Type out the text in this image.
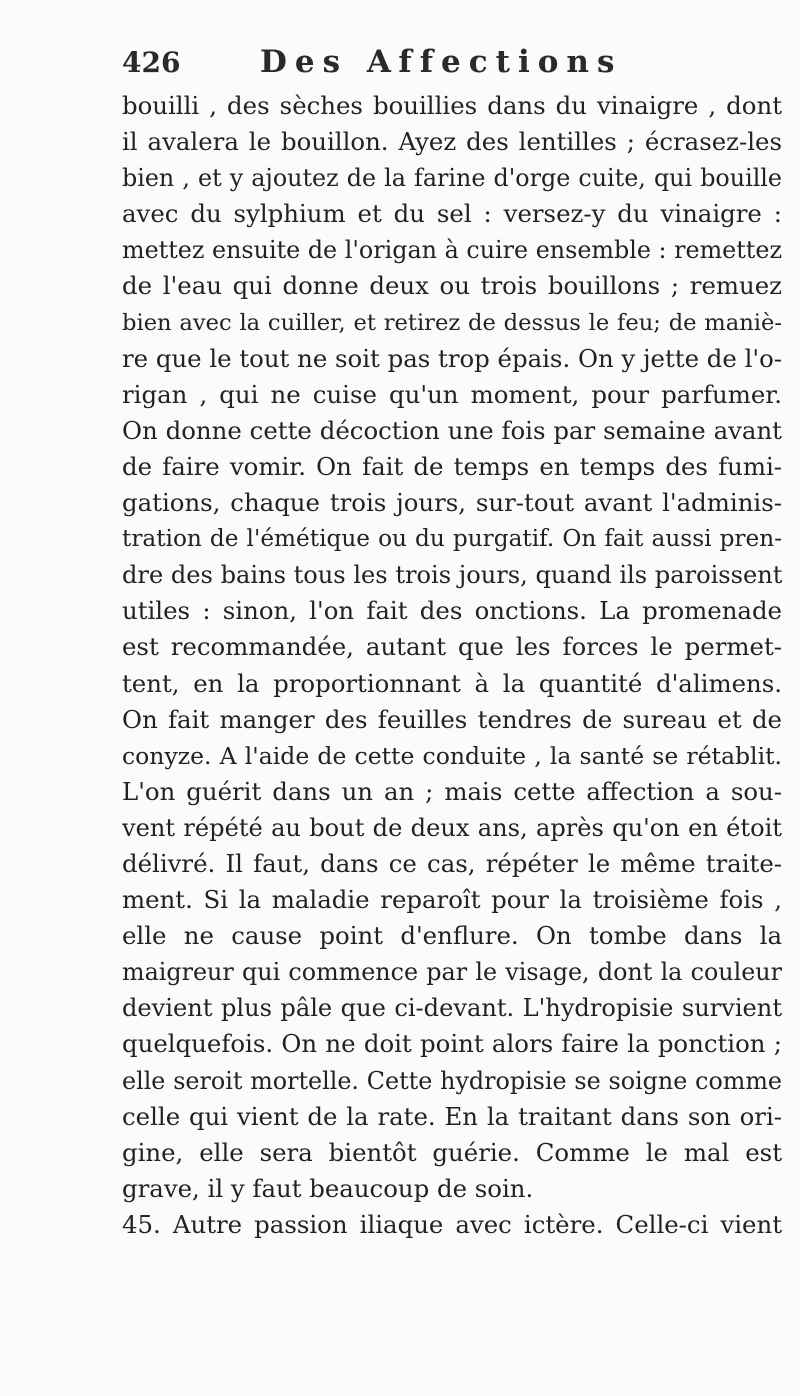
426	Des Affections
bouilli , des sèches bouillies dans du vinaigre , dont
il avalera le bouillon. Ayez des lentilles ; écrasez-les
bien , et y ajoutez de la farine d'orge cuite, qui bouille
avec du sylphium et du sel : versez-y du vinaigre :
mettez ensuite de l'origan à cuire ensemble : remettez
de l'eau qui donne deux ou trois bouillons ; remuez
bien avec la cuiller, et retirez de dessus le feu; de maniè-
re que le tout ne soit pas trop épais. On y jette de l'o-
rigan , qui ne cuise qu'un moment, pour parfumer.
On donne cette décoction une fois par semaine avant
de faire vomir. On fait de temps en temps des fumi-
gations, chaque trois jours, sur-tout avant l'adminis-
tration de l'émétique ou du purgatif. On fait aussi pren-
dre des bains tous les trois jours, quand ils paroissent
utiles : sinon, l'on fait des onctions. La promenade
est recommandée, autant que les forces le permet-
tent, en la proportionnant à la quantité d'alimens.
On fait manger des feuilles tendres de sureau et de
conyze. A l'aide de cette conduite , la santé se rétablit.
L'on guérit dans un an ; mais cette affection a sou-
vent répété au bout de deux ans, après qu'on en étoit
délivré. Il faut, dans ce cas, répéter le même traite-
ment. Si la maladie reparoît pour la troisième fois ,
elle ne cause point d'enflure. On tombe dans la
maigreur qui commence par le visage, dont la couleur
devient plus pâle que ci-devant. L'hydropisie survient
quelquefois. On ne doit point alors faire la ponction ;
elle seroit mortelle. Cette hydropisie se soigne comme
celle qui vient de la rate. En la traitant dans son ori-
gine, elle sera bientôt guérie. Comme le mal est
grave, il y faut beaucoup de soin.
45. Autre passion iliaque avec ictère. Celle-ci vient
